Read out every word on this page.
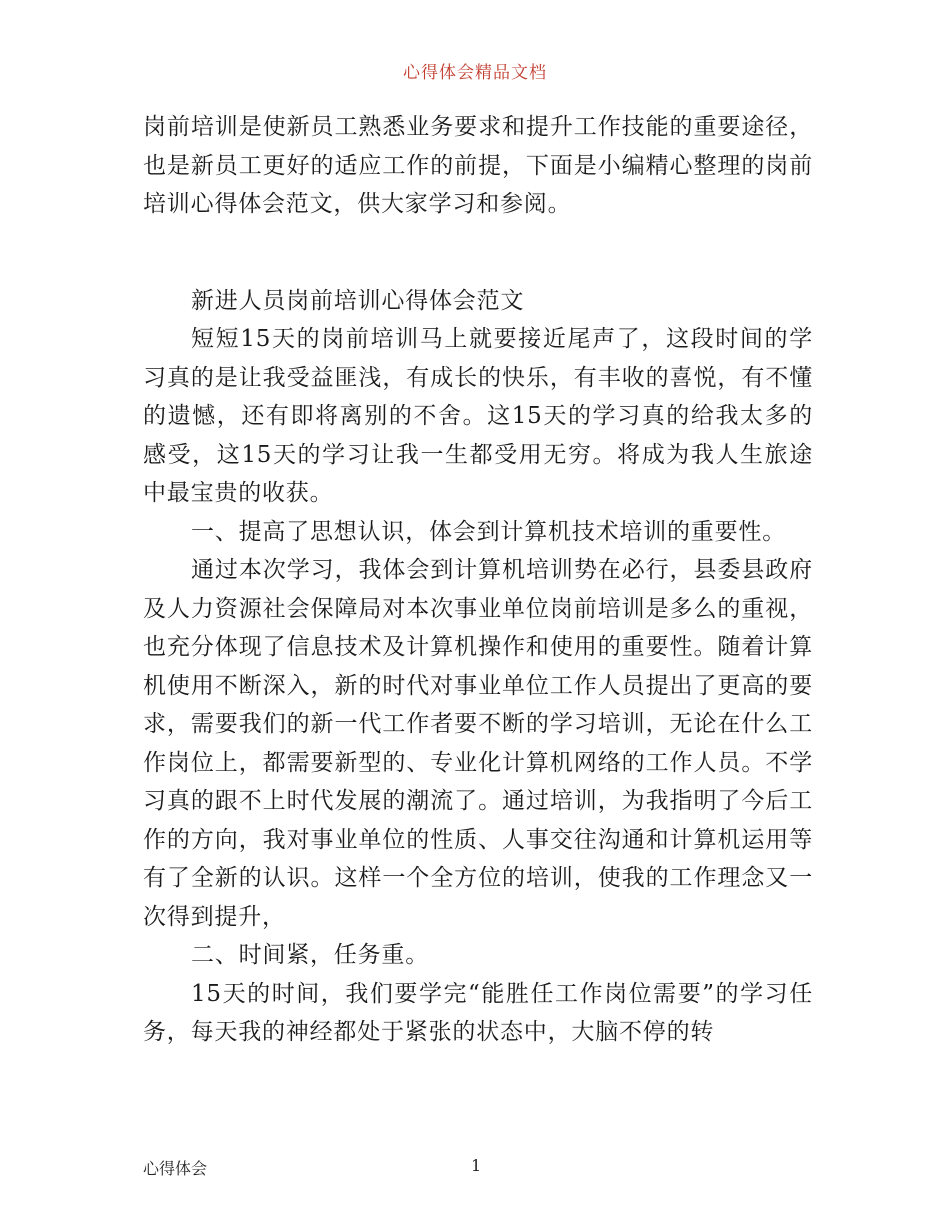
心得体会精品文档

岗前培训是使新员工熟悉业务要求和提升工作技能的重要途径，也是新员工更好的适应工作的前提，下面是小编精心整理的岗前培训心得体会范文，供大家学习和参阅。

新进人员岗前培训心得体会范文

短短15天的岗前培训马上就要接近尾声了，这段时间的学习真的是让我受益匪浅，有成长的快乐，有丰收的喜悦，有不懂的遗憾，还有即将离别的不舍。这15天的学习真的给我太多的感受，这15天的学习让我一生都受用无穷。将成为我人生旅途中最宝贵的收获。

一、提高了思想认识，体会到计算机技术培训的重要性。

通过本次学习，我体会到计算机培训势在必行，县委县政府及人力资源社会保障局对本次事业单位岗前培训是多么的重视，也充分体现了信息技术及计算机操作和使用的重要性。随着计算机使用不断深入，新的时代对事业单位工作人员提出了更高的要求，需要我们的新一代工作者要不断的学习培训，无论在什么工作岗位上，都需要新型的、专业化计算机网络的工作人员。不学习真的跟不上时代发展的潮流了。通过培训，为我指明了今后工作的方向，我对事业单位的性质、人事交往沟通和计算机运用等有了全新的认识。这样一个全方位的培训，使我的工作理念又一次得到提升，

二、时间紧，任务重。

15天的时间，我们要学完“能胜任工作岗位需要”的学习任务，每天我的神经都处于紧张的状态中，大脑不停的转

心得体会	1
